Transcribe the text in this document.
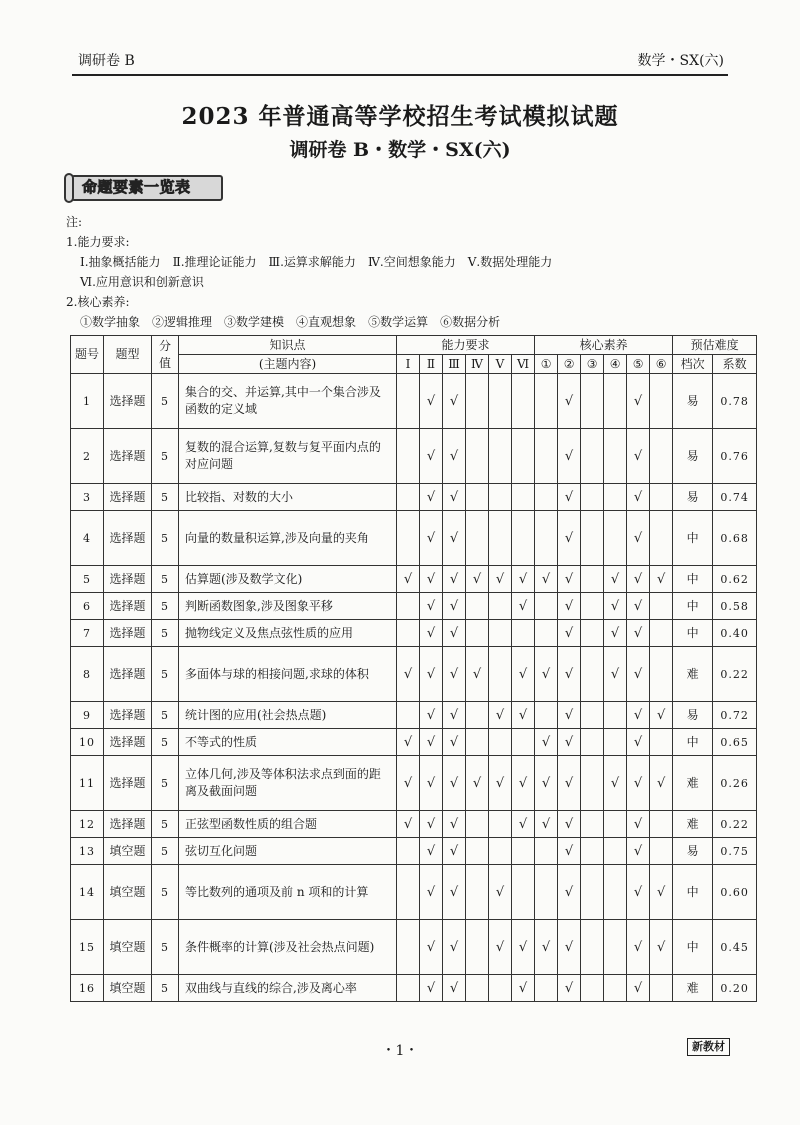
调研卷 B	数学・SX(六)
2023 年普通高等学校招生考试模拟试题
调研卷 B・数学・SX(六)
命题要素一览表
注:
1.能力要求:
Ⅰ.抽象概括能力 Ⅱ.推理论证能力 Ⅲ.运算求解能力 Ⅳ.空间想象能力 Ⅴ.数据处理能力
Ⅵ.应用意识和创新意识
2.核心素养:
①数学抽象 ②逻辑推理 ③数学建模 ④直观想象 ⑤数学运算 ⑥数据分析
题号	题型	分值	知识点	能力要求						核心素养						预估难度	
			(主题内容)	Ⅰ	Ⅱ	Ⅲ	Ⅳ	Ⅴ	Ⅵ	①	②	③	④	⑤	⑥	档次	系数
1	选择题	5	集合的交、并运算,其中一个集合涉及函数的定义域		√	√					√			√		易	0.78
2	选择题	5	复数的混合运算,复数与复平面内点的对应问题		√	√					√			√		易	0.76
3	选择题	5	比较指、对数的大小		√	√					√			√		易	0.74
4	选择题	5	向量的数量积运算,涉及向量的夹角		√	√					√			√		中	0.68
5	选择题	5	估算题(涉及数学文化)	√	√	√	√	√	√	√	√		√	√	√	中	0.62
6	选择题	5	判断函数图象,涉及图象平移		√	√			√		√		√	√		中	0.58
7	选择题	5	抛物线定义及焦点弦性质的应用		√	√					√		√	√		中	0.40
8	选择题	5	多面体与球的相接问题,求球的体积	√	√	√	√		√	√	√		√	√		难	0.22
9	选择题	5	统计图的应用(社会热点题)		√	√		√	√		√			√	√	易	0.72
10	选择题	5	不等式的性质	√	√	√				√	√			√		中	0.65
11	选择题	5	立体几何,涉及等体积法求点到面的距离及截面问题	√	√	√	√	√	√	√	√		√	√	√	难	0.26
12	选择题	5	正弦型函数性质的组合题	√	√	√			√	√	√			√		难	0.22
13	填空题	5	弦切互化问题		√	√					√			√		易	0.75
14	填空题	5	等比数列的通项及前 n 项和的计算		√	√		√			√			√	√	中	0.60
15	填空题	5	条件概率的计算(涉及社会热点问题)		√	√		√	√	√	√			√	√	中	0.45
16	填空题	5	双曲线与直线的综合,涉及离心率		√	√			√		√			√		难	0.20
・1・	新教材
